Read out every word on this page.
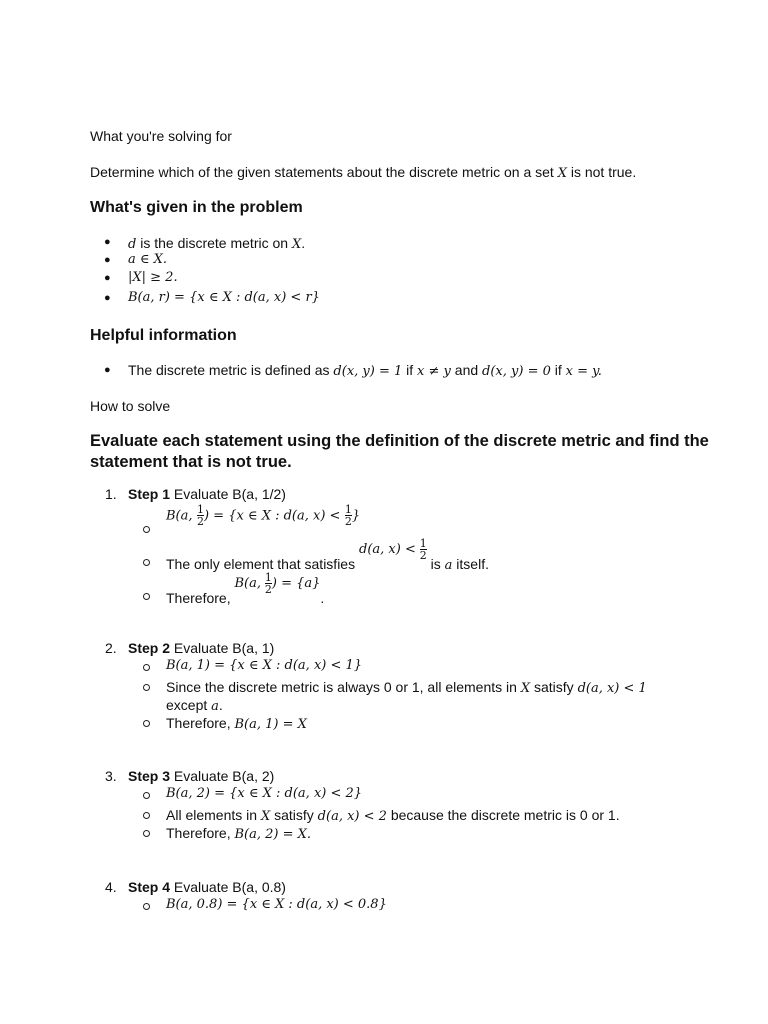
What you're solving for
Determine which of the given statements about the discrete metric on a set X is not true.
What's given in the problem
● d is the discrete metric on X.
● a ∈ X.
● |X| ≥ 2.
● B(a, r) = {x ∈ X : d(a, x) < r}
Helpful information
● The discrete metric is defined as d(x, y) = 1 if x ≠ y and d(x, y) = 0 if x = y.
How to solve
Evaluate each statement using the definition of the discrete metric and find the statement that is not true.
1. Step 1 Evaluate B(a, 1/2)
B(a, $\frac{1}{2}$ ) = {x ∈ X : d(a, $x) < \frac{1}{2}$ }
The only element that satisfies d(a, $x) < \frac{1}{2}$
is a itself.
Therefore, B(a, $\frac{1}{2}$ ) = {a}.
2. Step 2 Evaluate B(a, 1)
B(a, 1) = {x ∈ X : d(a, x) < 1}
Since the discrete metric is always 0 or 1, all elements in X satisfy d(a, x) < 1
except a.
Therefore, B(a, 1) = X
3. Step 3 Evaluate B(a, 2)
B(a, 2) = {x ∈ X : d(a, x) < 2}
All elements in X satisfy d(a, x) < 2 because the discrete metric is 0 or 1.
Therefore, B(a, 2) = X.
4. Step 4 Evaluate B(a, 0.8)
B(a, 0.8) = {x ∈ X : d(a, x) < 0.8}
